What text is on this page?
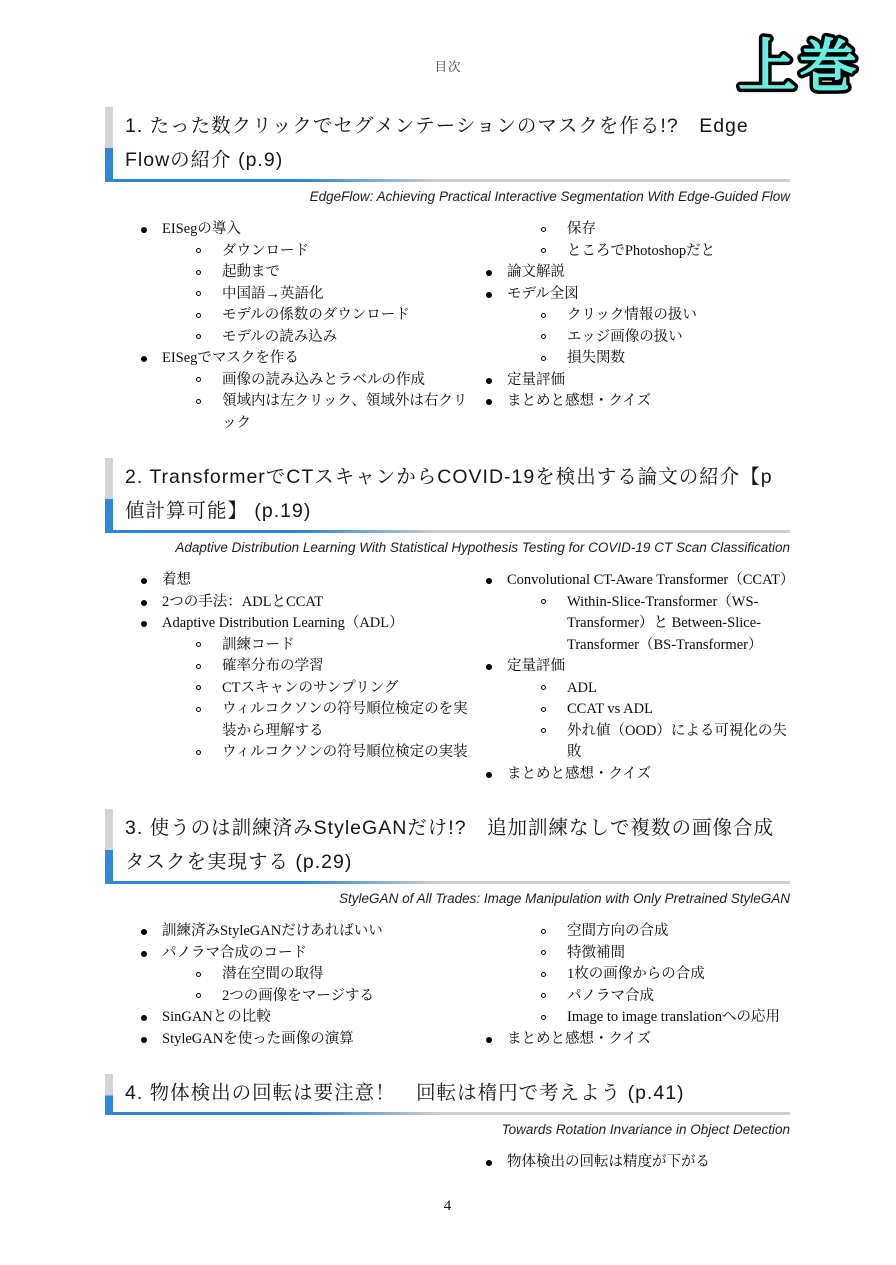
目次	上巻
1. たった数クリックでセグメンテーションのマスクを作る!?　Edge Flowの紹介 (p.9)
EdgeFlow: Achieving Practical Interactive Segmentation With Edge-Guided Flow
EISegの導入
ダウンロード
起動まで
中国語→英語化
モデルの係数のダウンロード
モデルの読み込み
EISegでマスクを作る
画像の読み込みとラベルの作成
領域内は左クリック、領域外は右クリック
保存
ところでPhotoshopだと
論文解説
モデル全図
クリック情報の扱い
エッジ画像の扱い
損失関数
定量評価
まとめと感想・クイズ
2. TransformerでCTスキャンからCOVID-19を検出する論文の紹介【p値計算可能】 (p.19)
Adaptive Distribution Learning With Statistical Hypothesis Testing for COVID-19 CT Scan Classification
着想
2つの手法：ADLとCCAT
Adaptive Distribution Learning（ADL）
訓練コード
確率分布の学習
CTスキャンのサンプリング
ウィルコクソンの符号順位検定のを実装から理解する
ウィルコクソンの符号順位検定の実装
Convolutional CT-Aware Transformer（CCAT）
Within-Slice-Transformer（WS-Transformer）と Between-Slice-Transformer（BS-Transformer）
定量評価
ADL
CCAT vs ADL
外れ値（OOD）による可視化の失敗
まとめと感想・クイズ
3. 使うのは訓練済みStyleGANだけ!?　追加訓練なしで複数の画像合成タスクを実現する (p.29)
StyleGAN of All Trades: Image Manipulation with Only Pretrained StyleGAN
訓練済みStyleGANだけあればいい
パノラマ合成のコード
潜在空間の取得
2つの画像をマージする
SinGANとの比較
StyleGANを使った画像の演算
空間方向の合成
特徴補間
1枚の画像からの合成
パノラマ合成
Image to image translationへの応用
まとめと感想・クイズ
4. 物体検出の回転は要注意！　回転は楕円で考えよう (p.41)
Towards Rotation Invariance in Object Detection
物体検出の回転は精度が下がる
4
